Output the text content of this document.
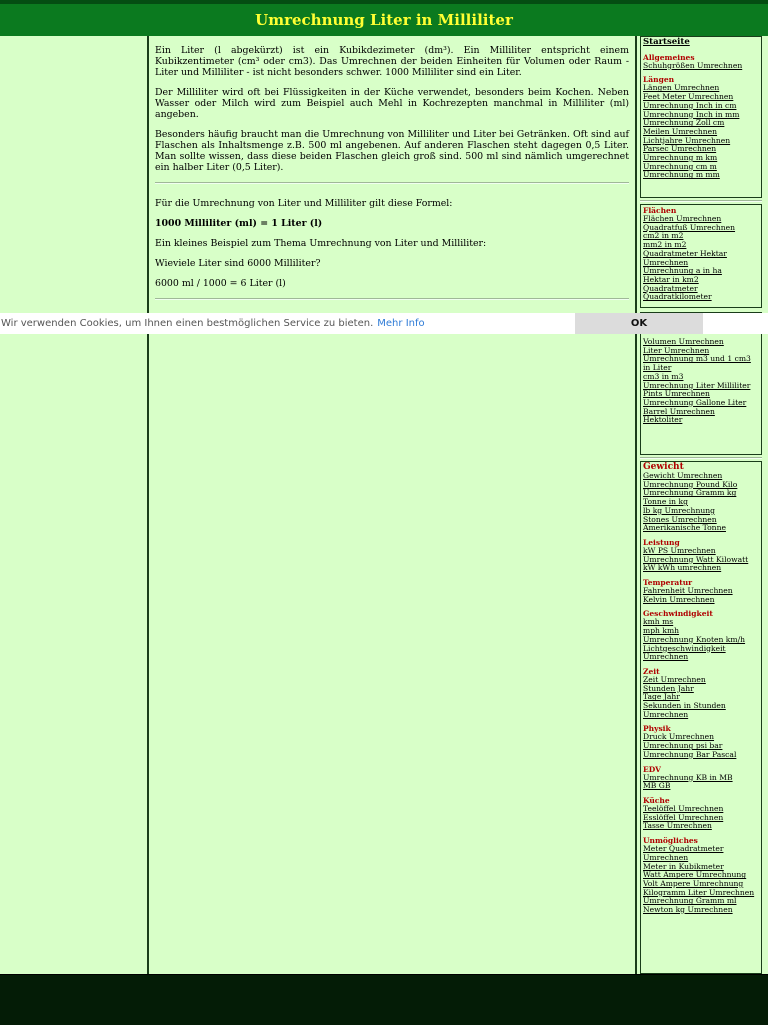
Umrechnung Liter in Milliliter

Ein Liter (l abgekürzt) ist ein Kubikdezimeter (dm³). Ein Milliliter entspricht einem Kubikzentimeter (cm³ oder cm3). Das Umrechnen der beiden Einheiten für Volumen oder Raum - Liter und Milliliter - ist nicht besonders schwer. 1000 Milliliter sind ein Liter.

Der Milliliter wird oft bei Flüssigkeiten in der Küche verwendet, besonders beim Kochen. Neben Wasser oder Milch wird zum Beispiel auch Mehl in Kochrezepten manchmal in Milliliter (ml) angeben.

Besonders häufig braucht man die Umrechnung von Milliliter und Liter bei Getränken. Oft sind auf Flaschen als Inhaltsmenge z.B. 500 ml angebenen. Auf anderen Flaschen steht dagegen 0,5 Liter. Man sollte wissen, dass diese beiden Flaschen gleich groß sind. 500 ml sind nämlich umgerechnet ein halber Liter (0,5 Liter).

Für die Umrechnung von Liter und Milliliter gilt diese Formel:

1000 Milliliter (ml) = 1 Liter (l)

Ein kleines Beispiel zum Thema Umrechnung von Liter und Milliliter:

Wieviele Liter sind 6000 Milliliter?

6000 ml / 1000 = 6 Liter (l)

Startseite
Allgemeines
Schuhgrößen Umrechnen
Längen
Längen Umrechnen
Feet Meter Umrechnen
Umrechnung Inch in cm
Umrechnung Inch in mm
Umrechnung Zoll cm
Meilen Umrechnen
Lichtjahre Umrechnen
Parsec Umrechnen
Umrechnung m km
Umrechnung cm m
Umrechnung m mm
Flächen
Flächen Umrechnen
Quadratfuß Umrechnen
cm2 in m2
mm2 in m2
Quadratmeter Hektar Umrechnen
Umrechnung a in ha
Hektar in km2
Quadratmeter
Quadratkilometer
Volumen Umrechnen
Liter Umrechnen
Umrechnung m3 und 1 cm3 in Liter
cm3 in m3
Umrechnung Liter Milliliter
Pints Umrechnen
Umrechnung Gallone Liter
Barrel Umrechnen
Hektoliter
Gewicht
Gewicht Umrechnen
Umrechnung Pound Kilo
Umrechnung Gramm kg
Tonne in kg
lb kg Umrechnung
Stones Umrechnen
Amerikanische Tonne
Leistung
kW PS Umrechnen
Umrechnung Watt Kilowatt
kW kWh umrechnen
Temperatur
Fahrenheit Umrechnen
Kelvin Umrechnen
Geschwindigkeit
kmh ms
mph kmh
Umrechnung Knoten km/h
Lichtgeschwindigkeit Umrechnen
Zeit
Zeit Umrechnen
Stunden Jahr
Tage Jahr
Sekunden in Stunden Umrechnen
Physik
Druck Umrechnen
Umrechnung psi bar
Umrechnung Bar Pascal
EDV
Umrechnung KB in MB
MB GB
Küche
Teelöffel Umrechnen
Esslöffel Umrechnen
Tasse Umrechnen
Unmögliches
Meter Quadratmeter Umrechnen
Meter in Kubikmeter
Watt Ampere Umrechnung
Volt Ampere Umrechnung
Kilogramm Liter Umrechnen
Umrechnung Gramm ml
Newton kg Umrechnen
Wir verwenden Cookies, um Ihnen einen bestmöglichen Service zu bieten. Mehr Info	OK
